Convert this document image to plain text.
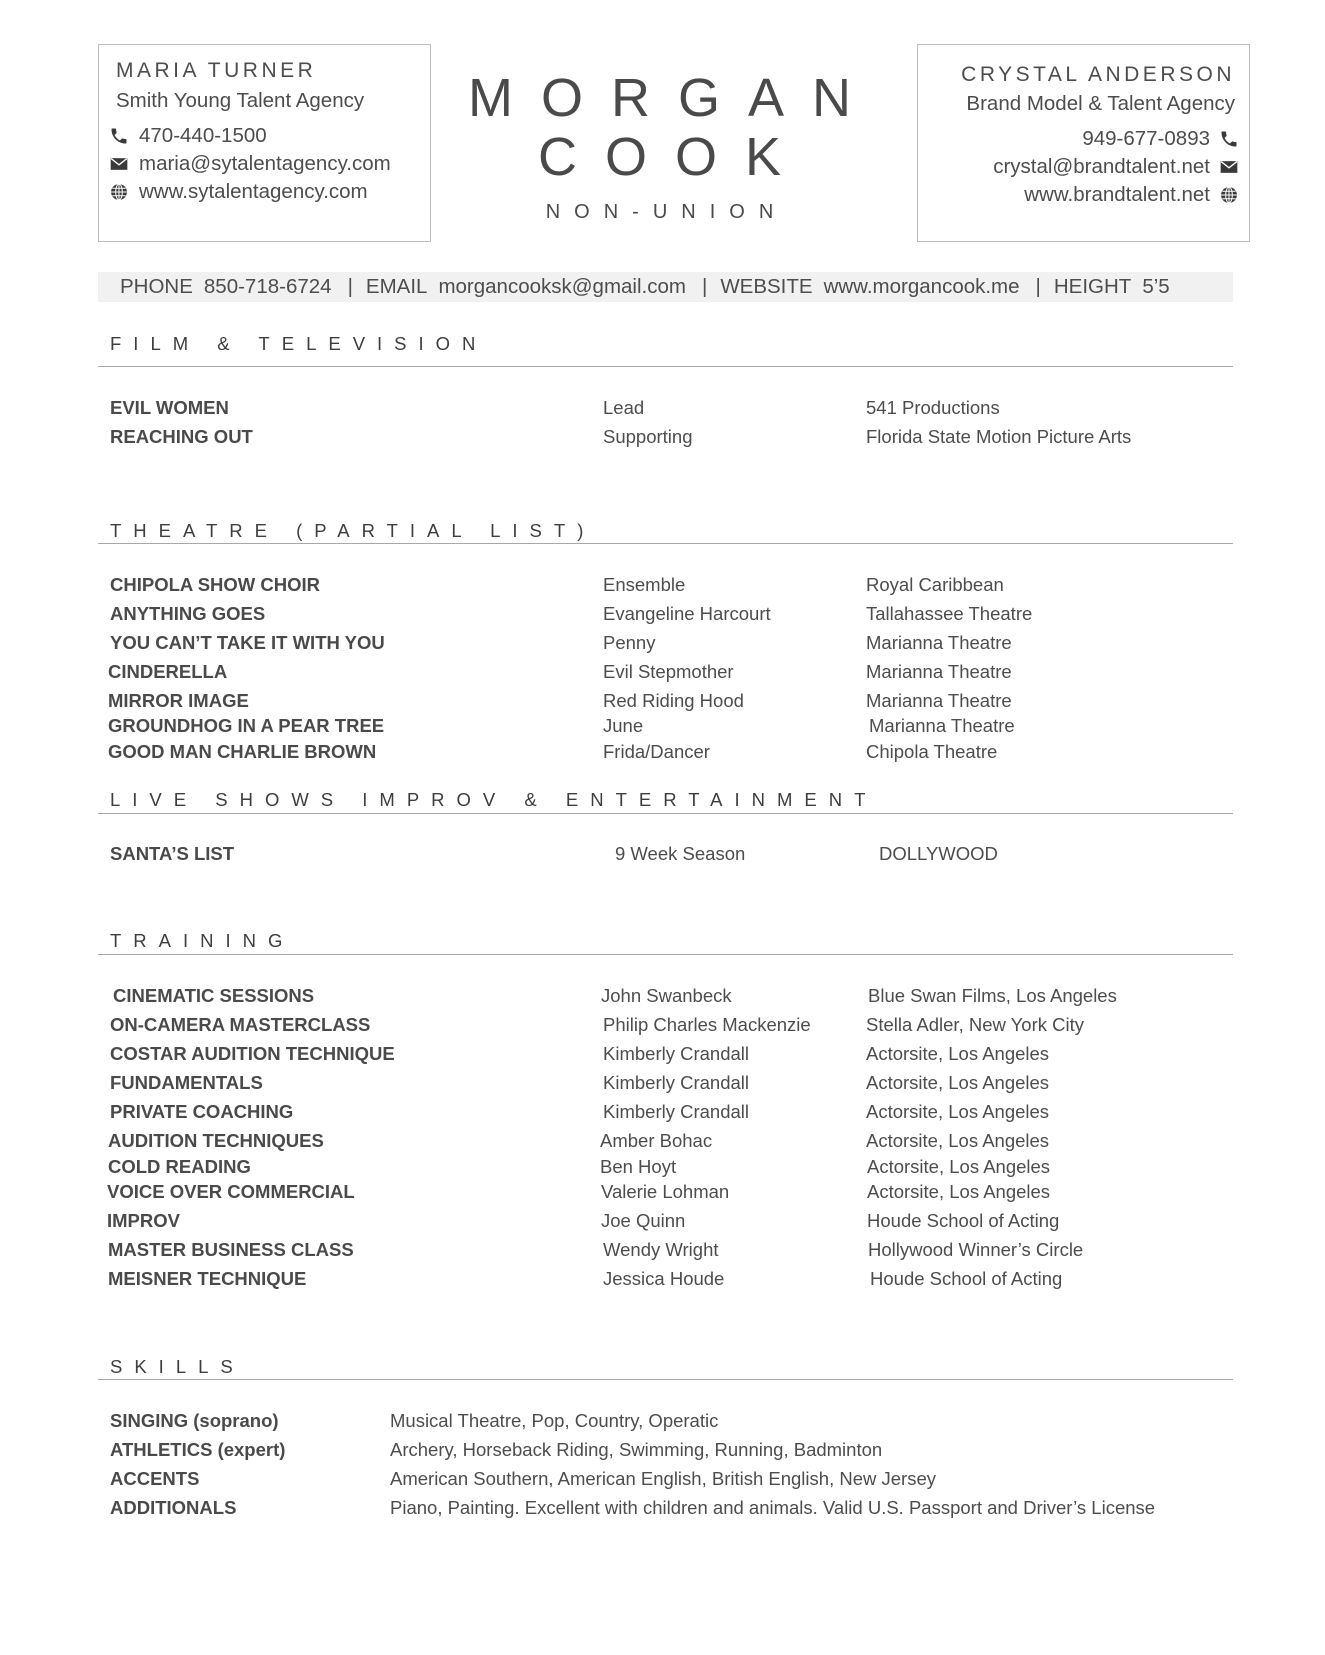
MARIA TURNER
Smith Young Talent Agency
470-440-1500
maria@sytalentagency.com
www.sytalentagency.com
MORGAN
COOK
NON-UNION
CRYSTAL ANDERSON
Brand Model & Talent Agency
949-677-0893
crystal@brandtalent.net
www.brandtalent.net
PHONE 850-718-6724 | EMAIL morgancooksk@gmail.com | WEBSITE www.morgancook.me | HEIGHT 5’5
FILM & TELEVISION
EVIL WOMEN	Lead	541 Productions
REACHING OUT	Supporting	Florida State Motion Picture Arts
THEATRE (PARTIAL LIST)
CHIPOLA SHOW CHOIR	Ensemble	Royal Caribbean
ANYTHING GOES	Evangeline Harcourt	Tallahassee Theatre
YOU CAN’T TAKE IT WITH YOU	Penny	Marianna Theatre
CINDERELLA	Evil Stepmother	Marianna Theatre
MIRROR IMAGE	Red Riding Hood	Marianna Theatre
GROUNDHOG IN A PEAR TREE	June	Marianna Theatre
GOOD MAN CHARLIE BROWN	Frida/Dancer	Chipola Theatre
LIVE SHOWS IMPROV & ENTERTAINMENT
SANTA’S LIST	9 Week Season	DOLLYWOOD
TRAINING
CINEMATIC SESSIONS	John Swanbeck	Blue Swan Films, Los Angeles
ON-CAMERA MASTERCLASS	Philip Charles Mackenzie	Stella Adler, New York City
COSTAR AUDITION TECHNIQUE	Kimberly Crandall	Actorsite, Los Angeles
FUNDAMENTALS	Kimberly Crandall	Actorsite, Los Angeles
PRIVATE COACHING	Kimberly Crandall	Actorsite, Los Angeles
AUDITION TECHNIQUES	Amber Bohac	Actorsite, Los Angeles
COLD READING	Ben Hoyt	Actorsite, Los Angeles
VOICE OVER COMMERCIAL	Valerie Lohman	Actorsite, Los Angeles
IMPROV	Joe Quinn	Houde School of Acting
MASTER BUSINESS CLASS	Wendy Wright	Hollywood Winner’s Circle
MEISNER TECHNIQUE	Jessica Houde	Houde School of Acting
SKILLS
SINGING (soprano)	Musical Theatre, Pop, Country, Operatic
ATHLETICS (expert)	Archery, Horseback Riding, Swimming, Running, Badminton
ACCENTS	American Southern, American English, British English, New Jersey
ADDITIONALS	Piano, Painting. Excellent with children and animals. Valid U.S. Passport and Driver’s License
